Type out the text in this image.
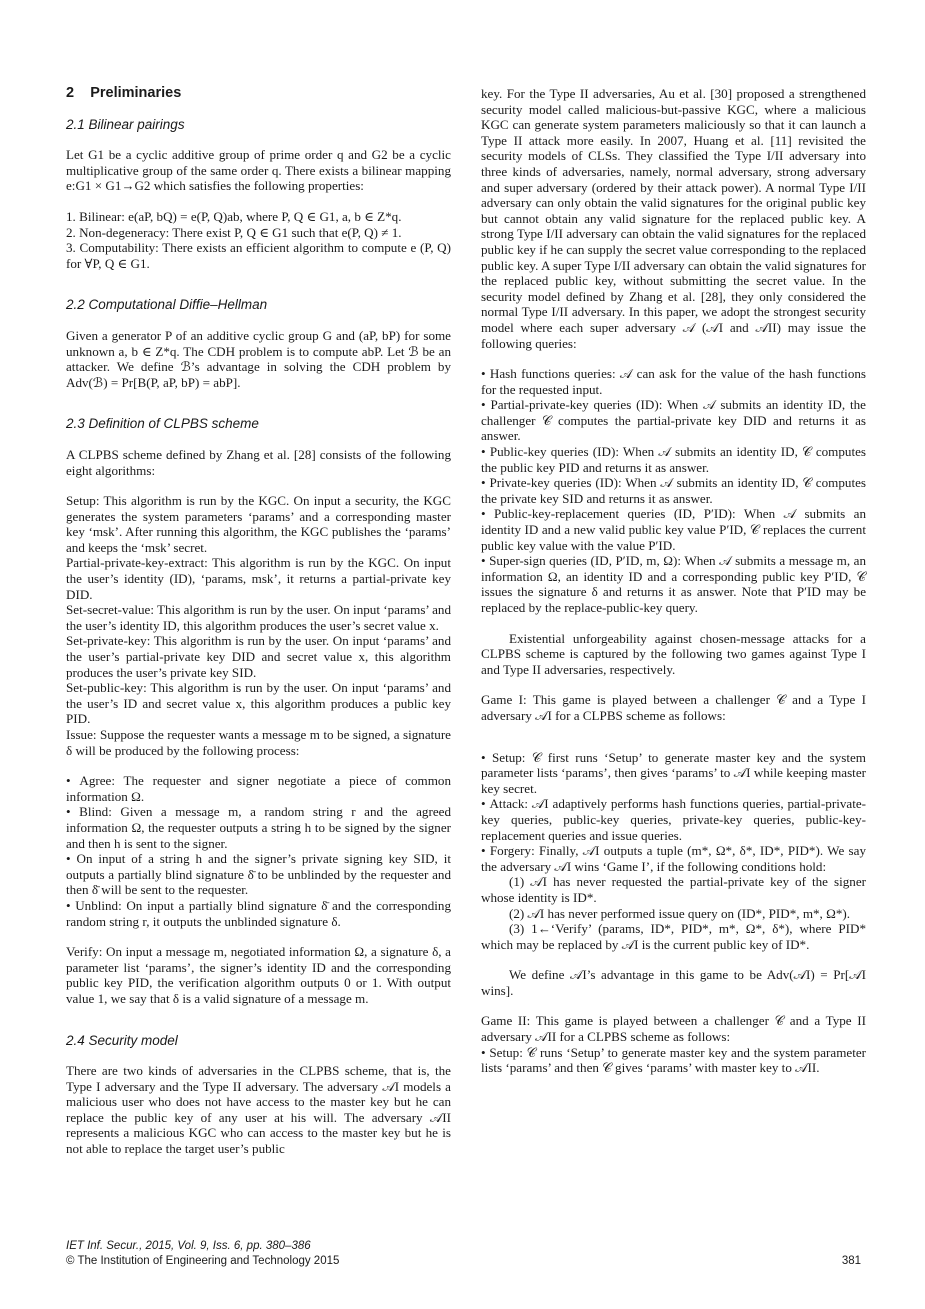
2 Preliminaries
2.1 Bilinear pairings

Let G1 be a cyclic additive group of prime order q and G2 be a cyclic multiplicative group of the same order q. There exists a bilinear mapping e:G1 × G1→G2 which satisfies the following properties:

1. Bilinear: e(aP, bQ) = e(P, Q)ab, where P, Q ∈ G1, a, b ∈ Z*q.

2. Non-degeneracy: There exist P, Q ∈ G1 such that e(P, Q) ≠ 1.

3. Computability: There exists an efficient algorithm to compute e (P, Q) for ∀P, Q ∈ G1.

2.2 Computational Diffie–Hellman

Given a generator P of an additive cyclic group G and (aP, bP) for some unknown a, b ∈ Z*q. The CDH problem is to compute abP. Let ℬ be an attacker. We define ℬ’s advantage in solving the CDH problem by Adv(ℬ) = Pr[B(P, aP, bP) = abP].

2.3 Definition of CLPBS scheme

A CLPBS scheme defined by Zhang et al. [28] consists of the following eight algorithms:

Setup: This algorithm is run by the KGC. On input a security, the KGC generates the system parameters ‘params’ and a corresponding master key ‘msk’. After running this algorithm, the KGC publishes the ‘params’ and keeps the ‘msk’ secret.

Partial-private-key-extract: This algorithm is run by the KGC. On input the user’s identity (ID), ‘params, msk’, it returns a partial-private key DID.

Set-secret-value: This algorithm is run by the user. On input ‘params’ and the user’s identity ID, this algorithm produces the user’s secret value x.

Set-private-key: This algorithm is run by the user. On input ‘params’ and the user’s partial-private key DID and secret value x, this algorithm produces the user’s private key SID.

Set-public-key: This algorithm is run by the user. On input ‘params’ and the user’s ID and secret value x, this algorithm produces a public key PID.

Issue: Suppose the requester wants a message m to be signed, a signature δ will be produced by the following process:

• Agree: The requester and signer negotiate a piece of common information Ω.

• Blind: Given a message m, a random string r and the agreed information Ω, the requester outputs a string h to be signed by the signer and then h is sent to the signer.

• On input of a string h and the signer’s private signing key SID, it outputs a partially blind signature δ̄ to be unblinded by the requester and then δ̄ will be sent to the requester.

• Unblind: On input a partially blind signature δ̄ and the corresponding random string r, it outputs the unblinded signature δ.

Verify: On input a message m, negotiated information Ω, a signature δ, a parameter list ‘params’, the signer’s identity ID and the corresponding public key PID, the verification algorithm outputs 0 or 1. With output value 1, we say that δ is a valid signature of a message m.

2.4 Security model

There are two kinds of adversaries in the CLPBS scheme, that is, the Type I adversary and the Type II adversary. The adversary 𝒜I models a malicious user who does not have access to the master key but he can replace the public key of any user at his will. The adversary 𝒜II represents a malicious KGC who can access to the master key but he is not able to replace the target user’s public

key. For the Type II adversaries, Au et al. [30] proposed a strengthened security model called malicious-but-passive KGC, where a malicious KGC can generate system parameters maliciously so that it can launch a Type II attack more easily. In 2007, Huang et al. [11] revisited the security models of CLSs. They classified the Type I/II adversary into three kinds of adversaries, namely, normal adversary, strong adversary and super adversary (ordered by their attack power). A normal Type I/II adversary can only obtain the valid signatures for the original public key but cannot obtain any valid signature for the replaced public key. A strong Type I/II adversary can obtain the valid signatures for the replaced public key if he can supply the secret value corresponding to the replaced public key. A super Type I/II adversary can obtain the valid signatures for the replaced public key, without submitting the secret value. In the security model defined by Zhang et al. [28], they only considered the normal Type I/II adversary. In this paper, we adopt the strongest security model where each super adversary 𝒜 (𝒜I and 𝒜II) may issue the following queries:

• Hash functions queries: 𝒜 can ask for the value of the hash functions for the requested input.

• Partial-private-key queries (ID): When 𝒜 submits an identity ID, the challenger 𝒞 computes the partial-private key DID and returns it as answer.

• Public-key queries (ID): When 𝒜 submits an identity ID, 𝒞 computes the public key PID and returns it as answer.

• Private-key queries (ID): When 𝒜 submits an identity ID, 𝒞 computes the private key SID and returns it as answer.

• Public-key-replacement queries (ID, P′ID): When 𝒜 submits an identity ID and a new valid public key value P′ID, 𝒞 replaces the current public key value with the value P′ID.

• Super-sign queries (ID, P′ID, m, Ω): When 𝒜 submits a message m, an information Ω, an identity ID and a corresponding public key P′ID, 𝒞 issues the signature δ and returns it as answer. Note that P′ID may be replaced by the replace-public-key query.

Existential unforgeability against chosen-message attacks for a CLPBS scheme is captured by the following two games against Type I and Type II adversaries, respectively.

Game I: This game is played between a challenger 𝒞 and a Type I adversary 𝒜I for a CLPBS scheme as follows:

• Setup: 𝒞 first runs ‘Setup’ to generate master key and the system parameter lists ‘params’, then gives ‘params’ to 𝒜I while keeping master key secret.

• Attack: 𝒜I adaptively performs hash functions queries, partial-private-key queries, public-key queries, private-key queries, public-key-replacement queries and issue queries.

• Forgery: Finally, 𝒜I outputs a tuple (m*, Ω*, δ*, ID*, PID*). We say the adversary 𝒜I wins ‘Game I’, if the following conditions hold:

(1) 𝒜I has never requested the partial-private key of the signer whose identity is ID*.

(2) 𝒜I has never performed issue query on (ID*, PID*, m*, Ω*).

(3) 1←‘Verify’ (params, ID*, PID*, m*, Ω*, δ*), where PID* which may be replaced by 𝒜I is the current public key of ID*.

We define 𝒜I’s advantage in this game to be Adv(𝒜I) = Pr[𝒜I wins].

Game II: This game is played between a challenger 𝒞 and a Type II adversary 𝒜II for a CLPBS scheme as follows:

• Setup: 𝒞 runs ‘Setup’ to generate master key and the system parameter lists ‘params’ and then 𝒞 gives ‘params’ with master key to 𝒜II.

IET Inf. Secur., 2015, Vol. 9, Iss. 6, pp. 380–386
© The Institution of Engineering and Technology 2015	381
